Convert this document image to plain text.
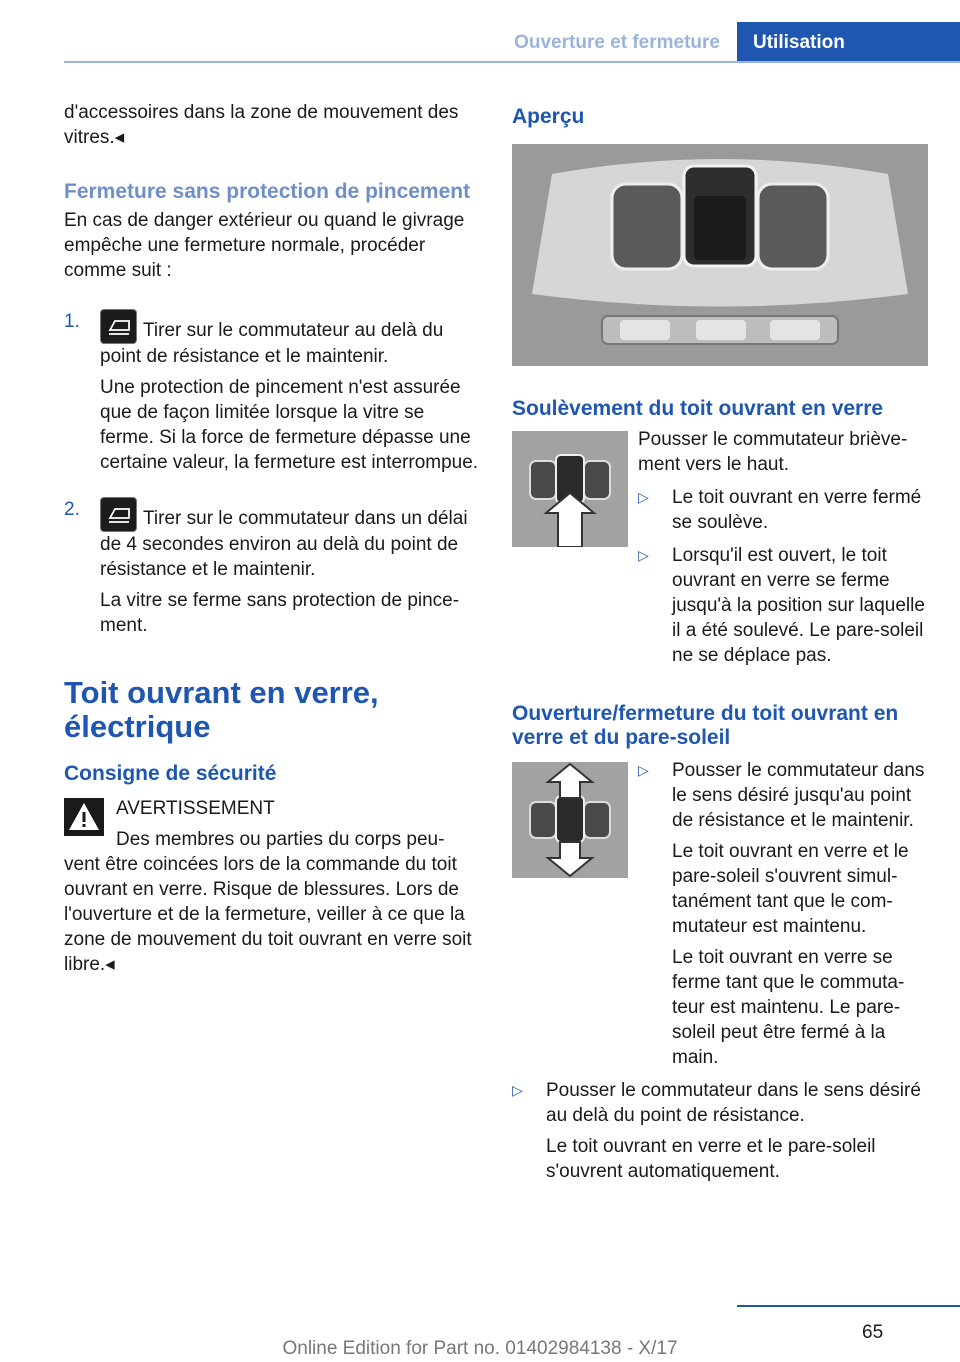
Ouverture et fermeture	Utilisation

d'accessoires dans la zone de mouvement des vitres.◂

Fermeture sans protection de pincement

En cas de danger extérieur ou quand le givrage empêche une fermeture normale, procéder comme suit :

1.	Tirer sur le commutateur au delà du point de résistance et le maintenir.

Une protection de pincement n'est assurée que de façon limitée lorsque la vitre se ferme. Si la force de fermeture dépasse une certaine valeur, la fermeture est interrompue.

2.	Tirer sur le commutateur dans un délai de 4 secondes environ au delà du point de résistance et le maintenir.

La vitre se ferme sans protection de pincement.

Toit ouvrant en verre, électrique
Consigne de sécurité

AVERTISSEMENT

Des membres ou parties du corps peu-

vent être coincées lors de la commande du toit ouvrant en verre. Risque de blessures. Lors de l'ouverture et de la fermeture, veiller à ce que la zone de mouvement du toit ouvrant en verre soit libre.◂

Aperçu
Soulèvement du toit ouvrant en verre

Pousser le commutateur brièvement vers le haut.

▷ Le toit ouvrant en verre fermé se soulève.

▷ Lorsqu'il est ouvert, le toit ouvrant en verre se ferme jusqu'à la position sur laquelle il a été soulevé. Le pare-soleil ne se déplace pas.

Ouverture/fermeture du toit ouvrant en verre et du pare-soleil
▷ Pousser le commutateur dans le sens désiré jusqu'au point de résistance et le maintenir.

Le toit ouvrant en verre et le pare-soleil s'ouvrent simultanément tant que le commutateur est maintenu.

Le toit ouvrant en verre se ferme tant que le commutateur est maintenu. Le pare-soleil peut être fermé à la main.

▷ Pousser le commutateur dans le sens désiré au delà du point de résistance.

Le toit ouvrant en verre et le pare-soleil s'ouvrent automatiquement.

65
Online Edition for Part no. 01402984138 - X/17
